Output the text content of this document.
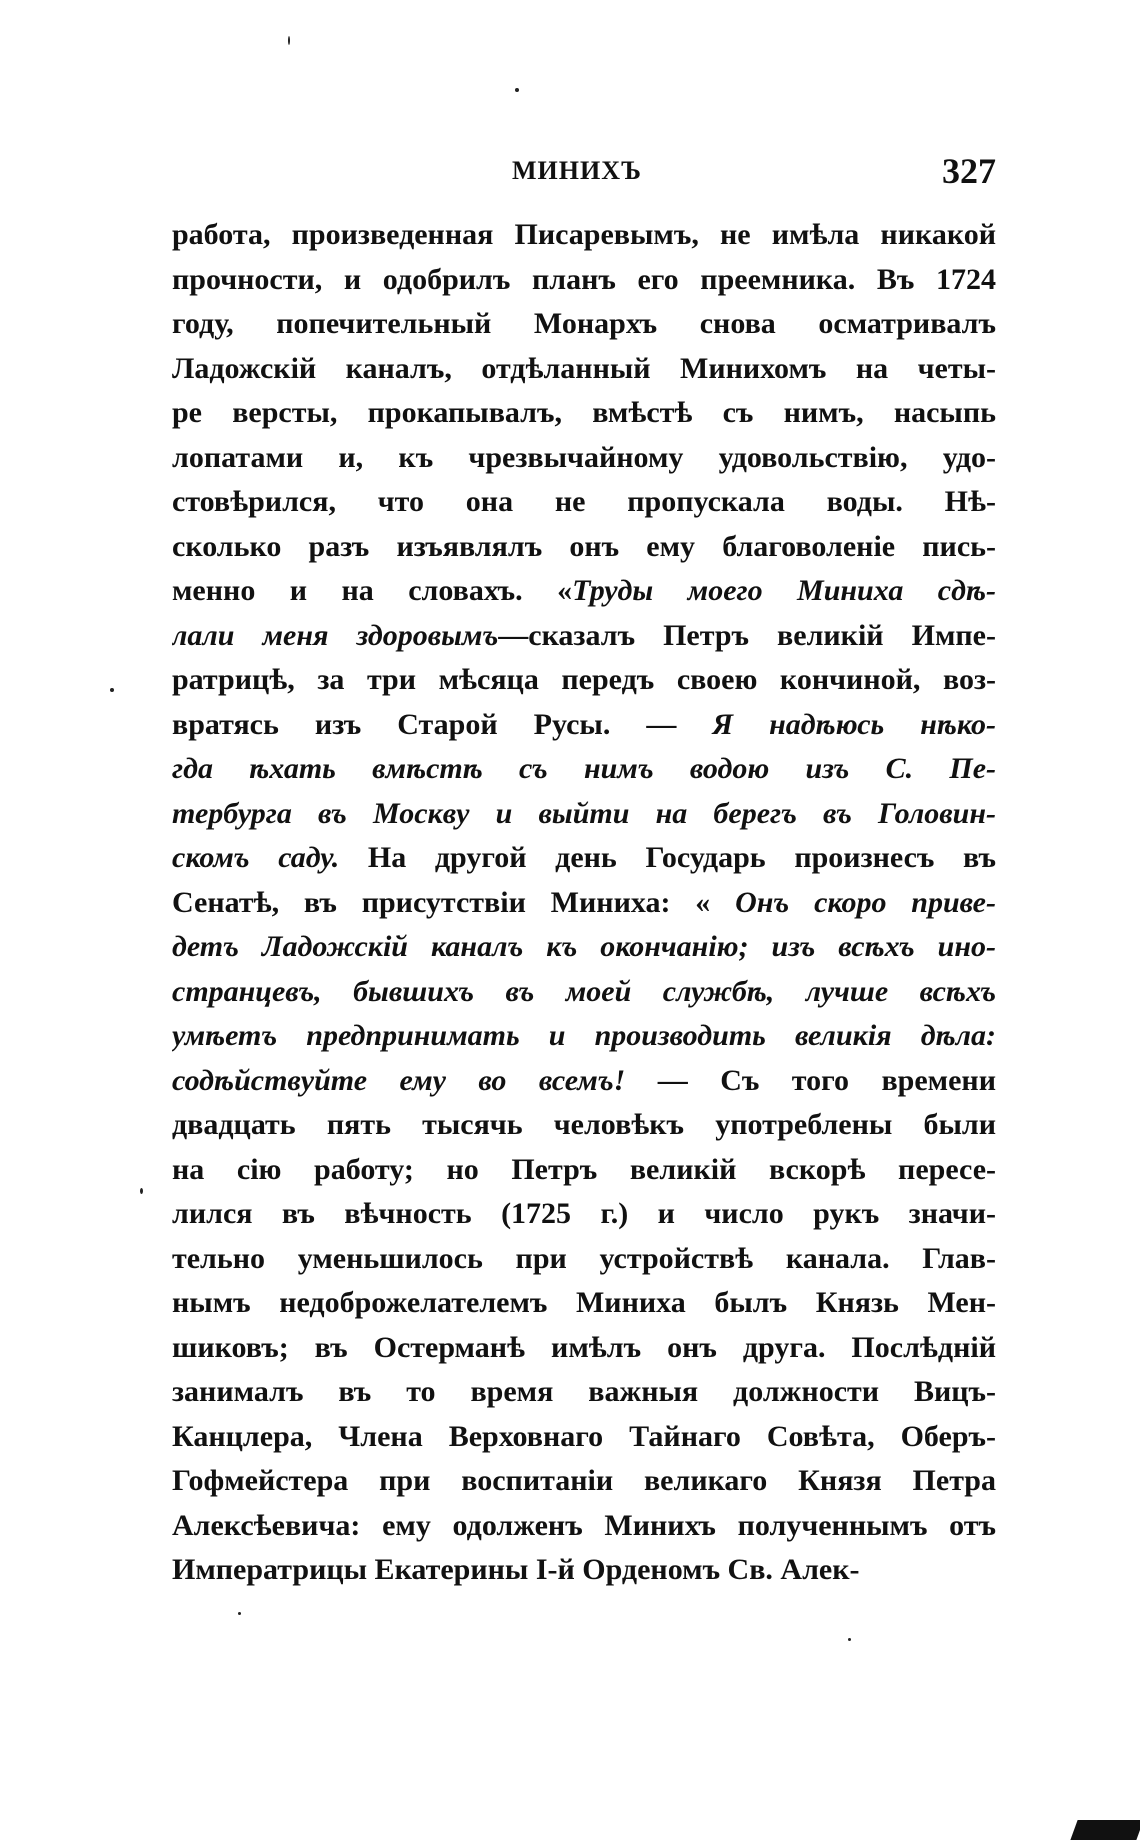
МИНИХЪ	327
работа, произведенная Писаревымъ, не имѣла никакой
прочности, и одобрилъ планъ его преемника. Въ 1724
году, попечительный Монархъ снова осматривалъ
Ладожскій каналъ, отдѣланный Минихомъ на четы-
ре версты, прокапывалъ, вмѣстѣ съ нимъ, насыпь
лопатами и, къ чрезвычайному удовольствію, удо-
стовѣрился, что она не пропускала воды. Нѣ-
сколько разъ изъявлялъ онъ ему благоволеніе пись-
менно и на словахъ. «Труды моего Миниха сдѣ-
лали меня здоровымъ—сказалъ Петръ великій Импе-
ратрицѣ, за три мѣсяца передъ своею кончиной, воз-
вратясь изъ Старой Русы. — Я надѣюсь нѣко-
гда ѣхать вмѣстѣ съ нимъ водою изъ С. Пе-
тербурга въ Москву и выйти на берегъ въ Головин-
скомъ саду. На другой день Государь произнесъ въ
Сенатѣ, въ присутствіи Миниха: « Онъ скоро приве-
детъ Ладожскій каналъ къ окончанію; изъ всѣхъ ино-
странцевъ, бывшихъ въ моей службѣ, лучше всѣхъ
умѣетъ предпринимать и производить великія дѣла:
содѣйствуйте ему во всемъ! — Съ того времени
двадцать пять тысячь человѣкъ употреблены были
на сію работу; но Петръ великій вскорѣ пересе-
лился въ вѣчность (1725 г.) и число рукъ значи-
тельно уменьшилось при устройствѣ канала. Глав-
нымъ недоброжелателемъ Миниха былъ Князь Мен-
шиковъ; въ Остерманѣ имѣлъ онъ друга. Послѣдній
занималъ въ то время важныя должности Вицъ-
Канцлера, Члена Верховнаго Тайнаго Совѣта, Оберъ-
Гофмейстера при воспитаніи великаго Князя Петра
Алексѣевича: ему одолженъ Минихъ полученнымъ отъ
Императрицы Екатерины I-й Орденомъ Св. Алек-
